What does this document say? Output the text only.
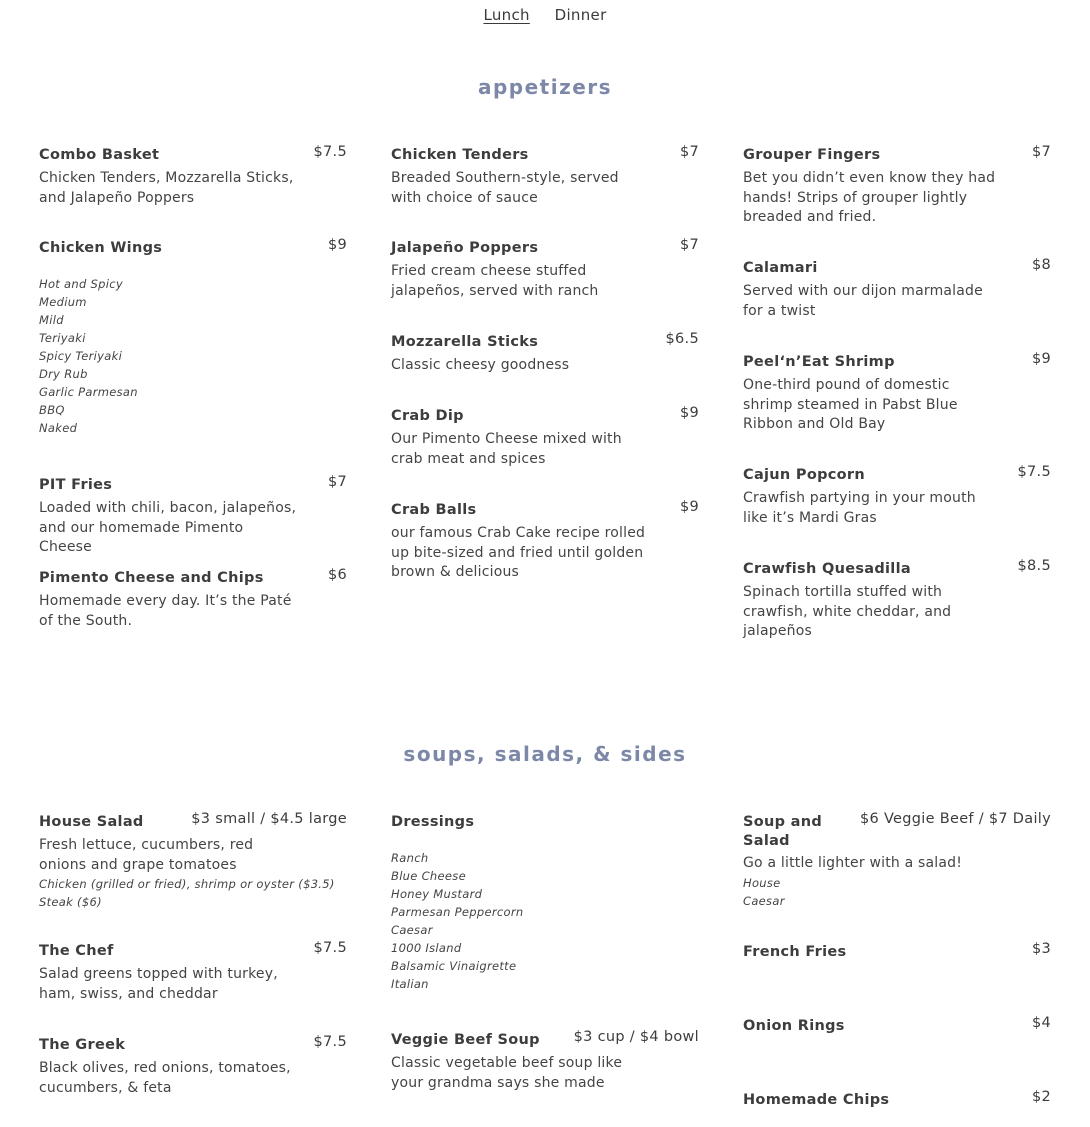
Lunch Dinner
appetizers
Combo Basket	$7.5
Chicken Tenders, Mozzarella Sticks, and Jalapeño Poppers
Chicken Wings	$9
Hot and Spicy
Medium
Mild
Teriyaki
Spicy Teriyaki
Dry Rub
Garlic Parmesan
BBQ
Naked
PIT Fries	$7
Loaded with chili, bacon, jalapeños, and our homemade Pimento Cheese
Pimento Cheese and Chips	$6
Homemade every day. It’s the Paté of the South.
Chicken Tenders	$7
Breaded Southern-style, served with choice of sauce
Jalapeño Poppers	$7
Fried cream cheese stuffed jalapeños, served with ranch
Mozzarella Sticks	$6.5
Classic cheesy goodness
Crab Dip	$9
Our Pimento Cheese mixed with crab meat and spices
Crab Balls	$9
our famous Crab Cake recipe rolled up bite-sized and fried until golden brown & delicious
Grouper Fingers	$7
Bet you didn’t even know they had hands! Strips of grouper lightly breaded and fried.
Calamari	$8
Served with our dijon marmalade for a twist
Peel‘n’Eat Shrimp	$9
One-third pound of domestic shrimp steamed in Pabst Blue Ribbon and Old Bay
Cajun Popcorn	$7.5
Crawfish partying in your mouth like it’s Mardi Gras
Crawfish Quesadilla	$8.5
Spinach tortilla stuffed with crawfish, white cheddar, and jalapeños
soups, salads, & sides
House Salad	$3 small / $4.5 large
Fresh lettuce, cucumbers, red onions and grape tomatoes
Chicken (grilled or fried), shrimp or oyster ($3.5)
Steak ($6)
The Chef	$7.5
Salad greens topped with turkey, ham, swiss, and cheddar
The Greek	$7.5
Black olives, red onions, tomatoes, cucumbers, & feta
Dressings
Ranch
Blue Cheese
Honey Mustard
Parmesan Peppercorn
Caesar
1000 Island
Balsamic Vinaigrette
Italian
Veggie Beef Soup	$3 cup / $4 bowl
Classic vegetable beef soup like your grandma says she made
Soup and Salad
$6 Veggie Beef / $7 Daily
Go a little lighter with a salad!
House
Caesar
French Fries	$3
Onion Rings	$4
Homemade Chips	$2
